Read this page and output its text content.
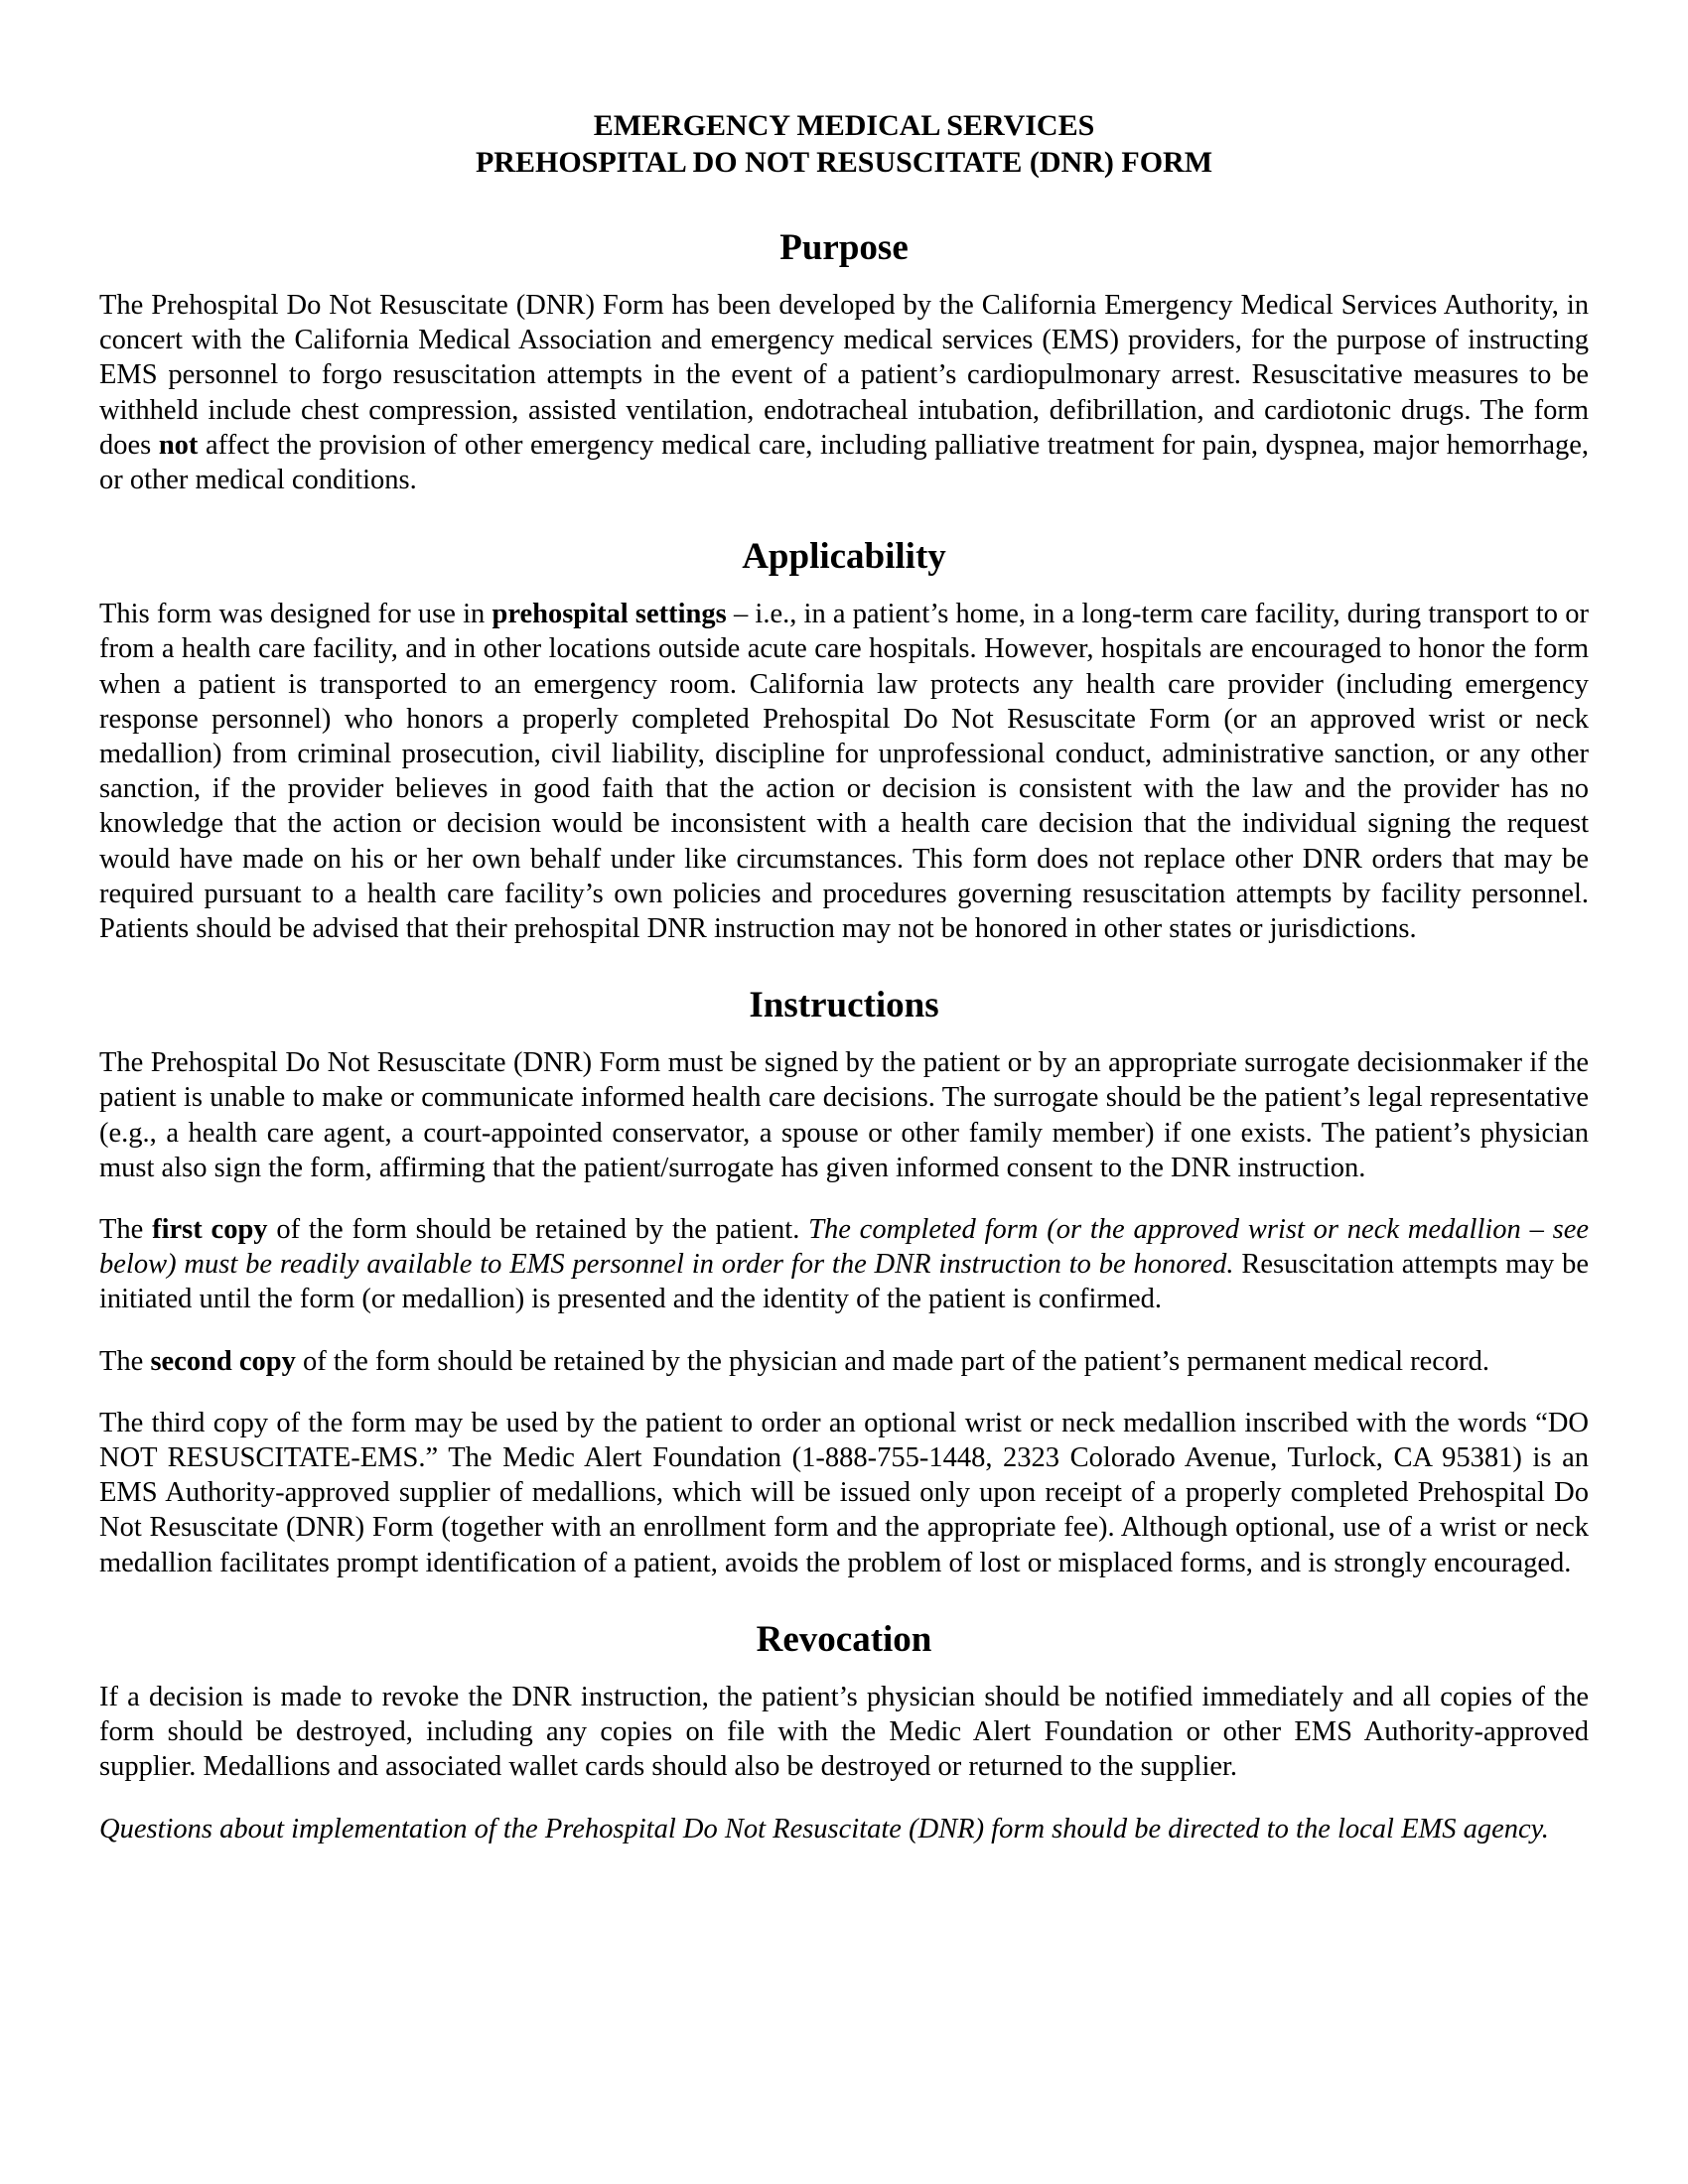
EMERGENCY MEDICAL SERVICES
PREHOSPITAL DO NOT RESUSCITATE (DNR) FORM

Purpose

The Prehospital Do Not Resuscitate (DNR) Form has been developed by the California Emergency Medical Services Authority, in concert with the California Medical Association and emergency medical services (EMS) providers, for the purpose of instructing EMS personnel to forgo resuscitation attempts in the event of a patient’s cardiopulmonary arrest. Resuscitative measures to be withheld include chest compression, assisted ventilation, endotracheal intubation, defibrillation, and cardiotonic drugs. The form does not affect the provision of other emergency medical care, including palliative treatment for pain, dyspnea, major hemorrhage, or other medical conditions.

Applicability

This form was designed for use in prehospital settings – i.e., in a patient’s home, in a long-term care facility, during transport to or from a health care facility, and in other locations outside acute care hospitals. However, hospitals are encouraged to honor the form when a patient is transported to an emergency room. California law protects any health care provider (including emergency response personnel) who honors a properly completed Prehospital Do Not Resuscitate Form (or an approved wrist or neck medallion) from criminal prosecution, civil liability, discipline for unprofessional conduct, administrative sanction, or any other sanction, if the provider believes in good faith that the action or decision is consistent with the law and the provider has no knowledge that the action or decision would be inconsistent with a health care decision that the individual signing the request would have made on his or her own behalf under like circumstances. This form does not replace other DNR orders that may be required pursuant to a health care facility’s own policies and procedures governing resuscitation attempts by facility personnel. Patients should be advised that their prehospital DNR instruction may not be honored in other states or jurisdictions.

Instructions

The Prehospital Do Not Resuscitate (DNR) Form must be signed by the patient or by an appropriate surrogate decisionmaker if the patient is unable to make or communicate informed health care decisions. The surrogate should be the patient’s legal representative (e.g., a health care agent, a court-appointed conservator, a spouse or other family member) if one exists. The patient’s physician must also sign the form, affirming that the patient/surrogate has given informed consent to the DNR instruction.

The first copy of the form should be retained by the patient. The completed form (or the approved wrist or neck medallion – see below) must be readily available to EMS personnel in order for the DNR instruction to be honored. Resuscitation attempts may be initiated until the form (or medallion) is presented and the identity of the patient is confirmed.

The second copy of the form should be retained by the physician and made part of the patient’s permanent medical record.

The third copy of the form may be used by the patient to order an optional wrist or neck medallion inscribed with the words “DO NOT RESUSCITATE-EMS.” The Medic Alert Foundation (1-888-755-1448, 2323 Colorado Avenue, Turlock, CA 95381) is an EMS Authority-approved supplier of medallions, which will be issued only upon receipt of a properly completed Prehospital Do Not Resuscitate (DNR) Form (together with an enrollment form and the appropriate fee). Although optional, use of a wrist or neck medallion facilitates prompt identification of a patient, avoids the problem of lost or misplaced forms, and is strongly encouraged.

Revocation

If a decision is made to revoke the DNR instruction, the patient’s physician should be notified immediately and all copies of the form should be destroyed, including any copies on file with the Medic Alert Foundation or other EMS Authority-approved supplier. Medallions and associated wallet cards should also be destroyed or returned to the supplier.

Questions about implementation of the Prehospital Do Not Resuscitate (DNR) form should be directed to the local EMS agency.
